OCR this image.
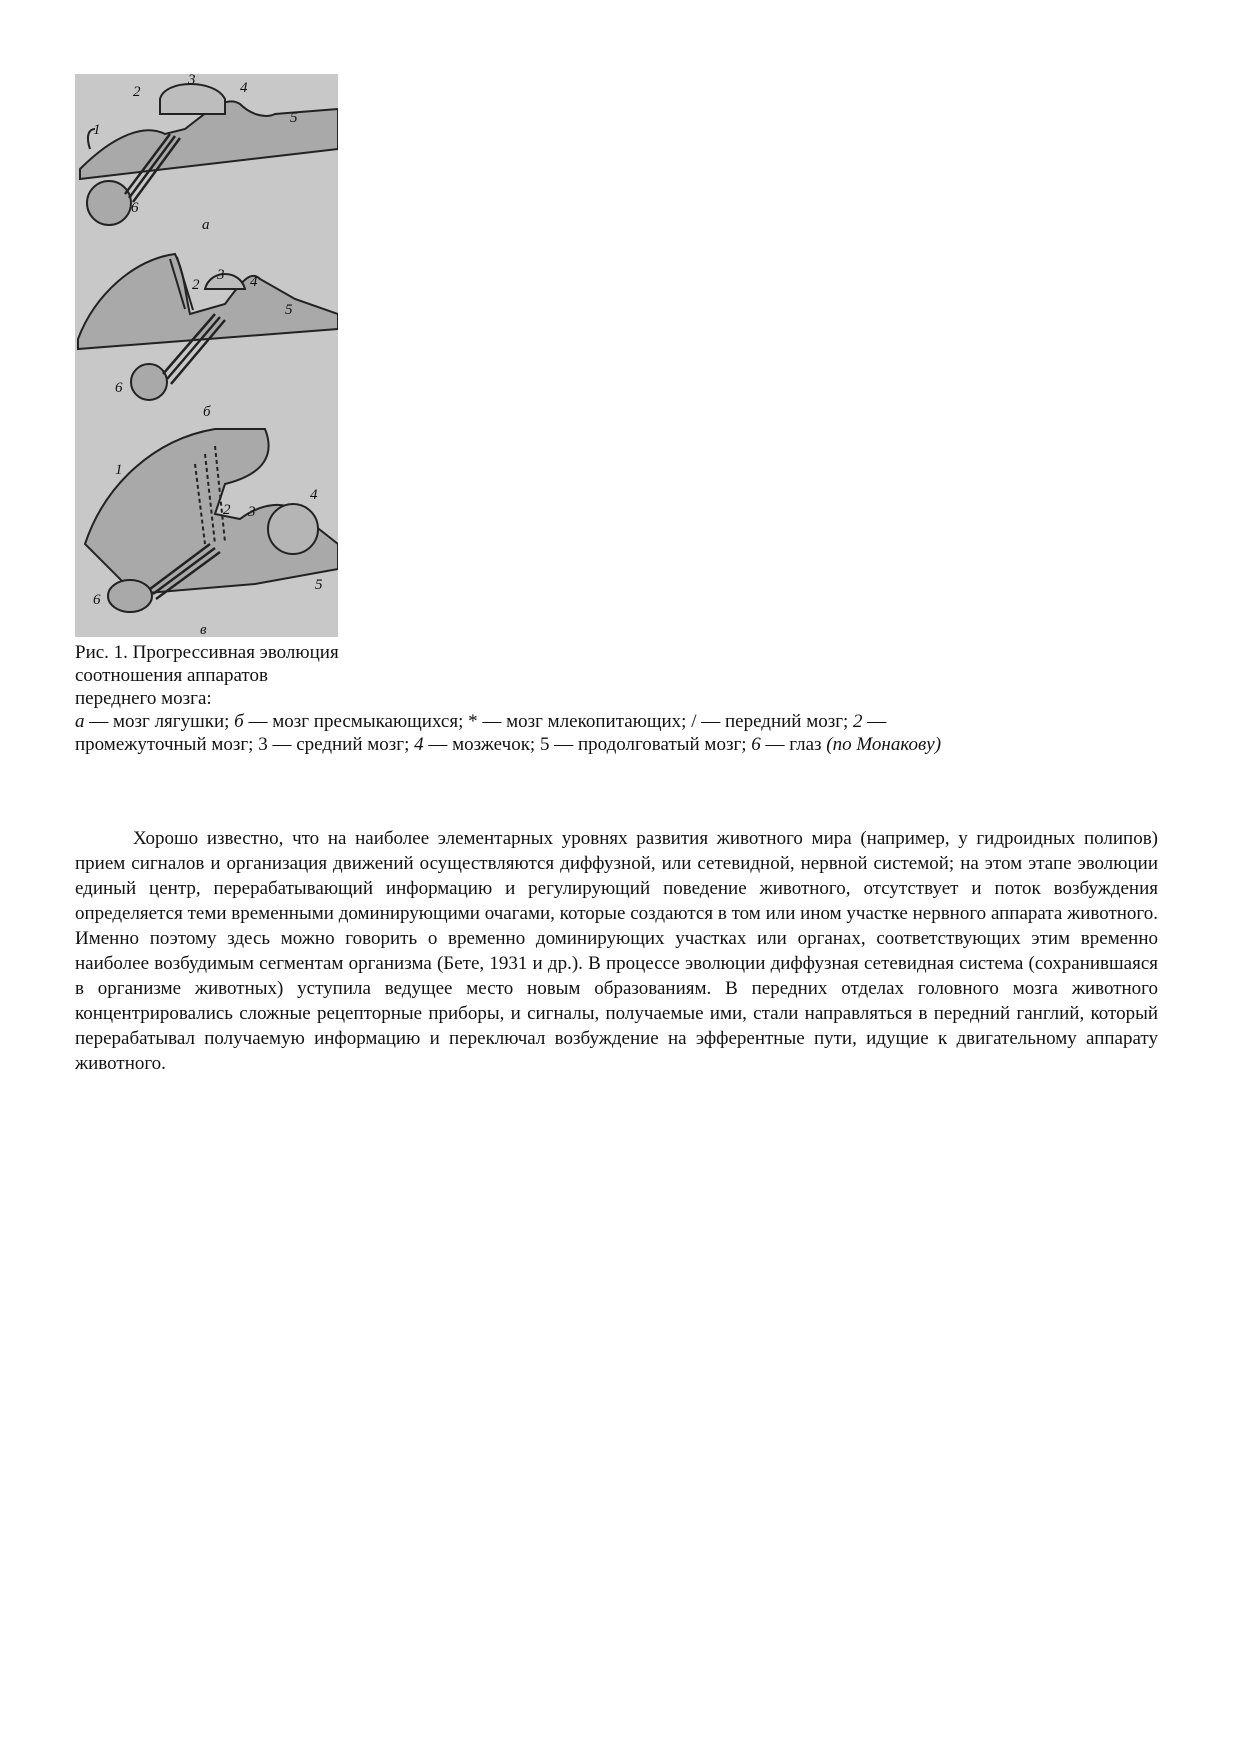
1
2
3	4
5
6
а
2
3 4
5
6
б
1
2 3
4
5
6
в
Рис. 1. Прогрессивная эволюция
соотношения аппаратов
переднего мозга:
а — мозг лягушки; б — мозг пресмыкающихся; * — мозг млекопитающих; / — передний мозг; 2 —
промежуточный мозг; 3 — средний мозг; 4 — мозжечок; 5 — продолговатый мозг; 6 — глаз (по Монакову)

Хорошо известно, что на наиболее элементарных уровнях развития животного мира (например, у гидроидных полипов) прием сигналов и организация движений осуществляются диффузной, или сетевидной, нервной системой; на этом этапе эволюции единый центр, перерабатывающий информацию и регулирующий поведение животного, отсутствует и поток возбуждения определяется теми временными доминирующими очагами, которые создаются в том или ином участке нервного аппарата животного. Именно поэтому здесь можно говорить о временно доминирующих участках или органах, соответствующих этим временно наиболее возбудимым сегментам организма (Бете, 1931 и др.). В процессе эволюции диффузная сетевидная система (сохранившаяся в организме животных) уступила ведущее место новым образованиям. В передних отделах головного мозга животного концентрировались сложные рецепторные приборы, и сигналы, получаемые ими, стали направляться в передний ганглий, который перерабатывал получаемую информацию и переключал возбуждение на эфферентные пути, идущие к двигательному аппарату животного.
